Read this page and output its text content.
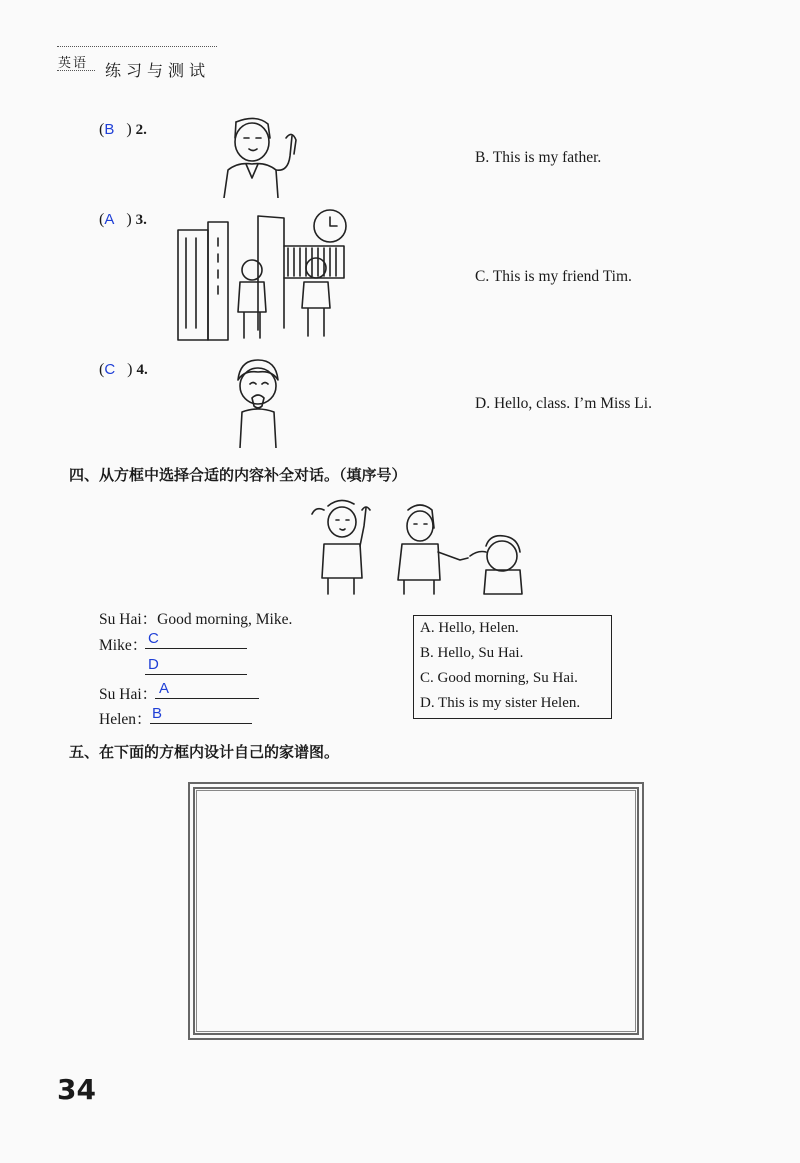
英语 练习与测试
(B   ) 2.
B. This is my father.
(A   ) 3.
C. This is my friend Tim.
(C   ) 4.
D. Hello, class. I’m Miss Li.
四、从方框中选择合适的内容补全对话。（填序号）
Su Hai：Good morning, Mike.
Mike： C
D
Su Hai： A
Helen： B
A. Hello, Helen.
B. Hello, Su Hai.
C. Good morning, Su Hai.
D. This is my sister Helen.
五、在下面的方框内设计自己的家谱图。
34
